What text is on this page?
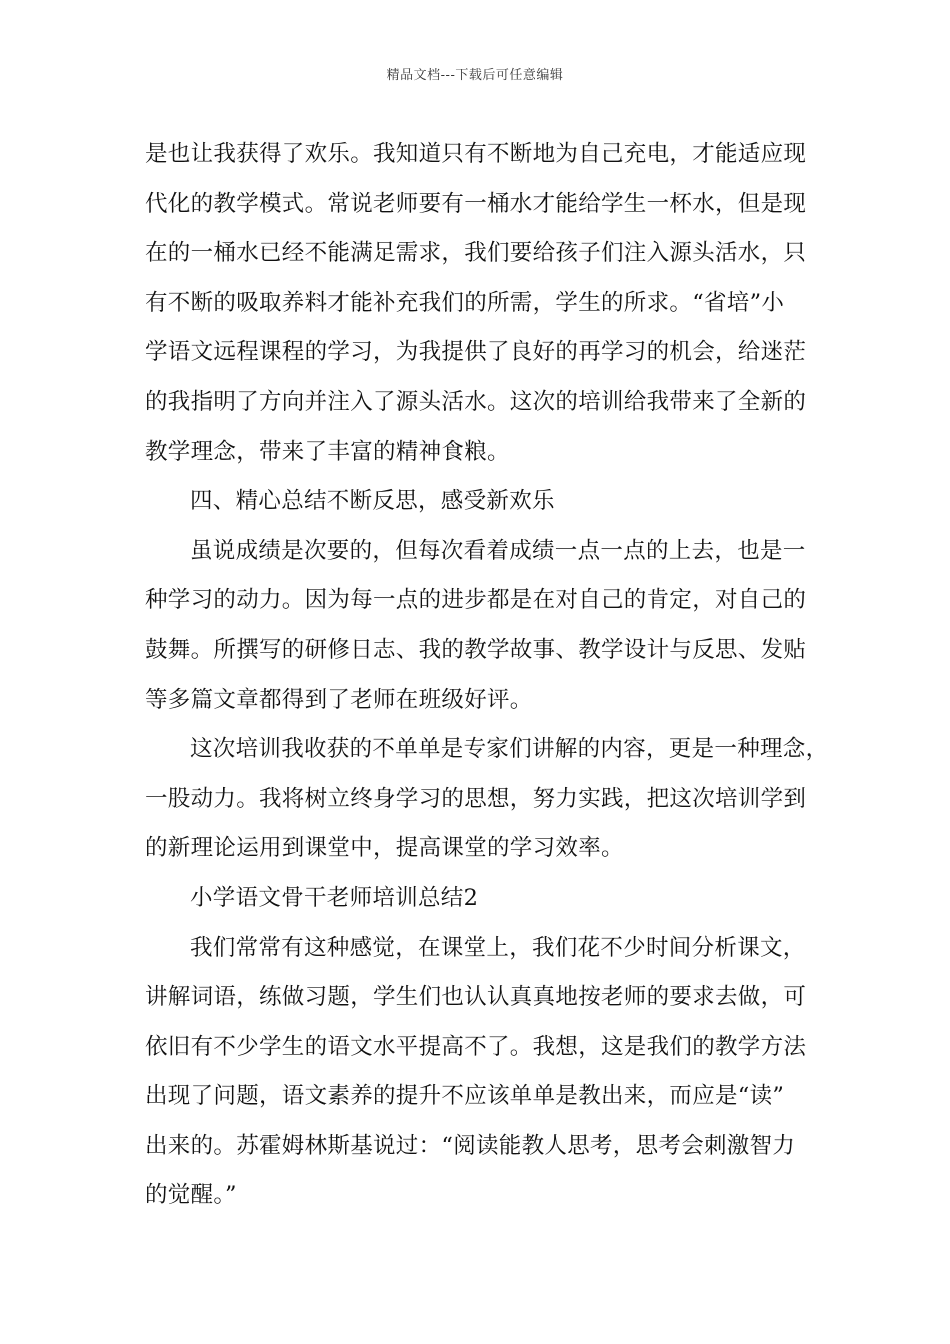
精品文档---下载后可任意编辑
是也让我获得了欢乐。我知道只有不断地为自己充电，才能适应现
代化的教学模式。常说老师要有一桶水才能给学生一杯水，但是现
在的一桶水已经不能满足需求，我们要给孩子们注入源头活水，只
有不断的吸取养料才能补充我们的所需，学生的所求。“省培”小
学语文远程课程的学习，为我提供了良好的再学习的机会，给迷茫
的我指明了方向并注入了源头活水。这次的培训给我带来了全新的
教学理念，带来了丰富的精神食粮。
四、精心总结不断反思，感受新欢乐
虽说成绩是次要的，但每次看着成绩一点一点的上去，也是一
种学习的动力。因为每一点的进步都是在对自己的肯定，对自己的
鼓舞。所撰写的研修日志、我的教学故事、教学设计与反思、发贴
等多篇文章都得到了老师在班级好评。
这次培训我收获的不单单是专家们讲解的内容，更是一种理念，
一股动力。我将树立终身学习的思想，努力实践，把这次培训学到
的新理论运用到课堂中，提高课堂的学习效率。
小学语文骨干老师培训总结2
我们常常有这种感觉，在课堂上，我们花不少时间分析课文，
讲解词语，练做习题，学生们也认认真真地按老师的要求去做，可
依旧有不少学生的语文水平提高不了。我想，这是我们的教学方法
出现了问题，语文素养的提升不应该单单是教出来，而应是“读”
出来的。苏霍姆林斯基说过：“阅读能教人思考，思考会刺激智力
的觉醒。”
